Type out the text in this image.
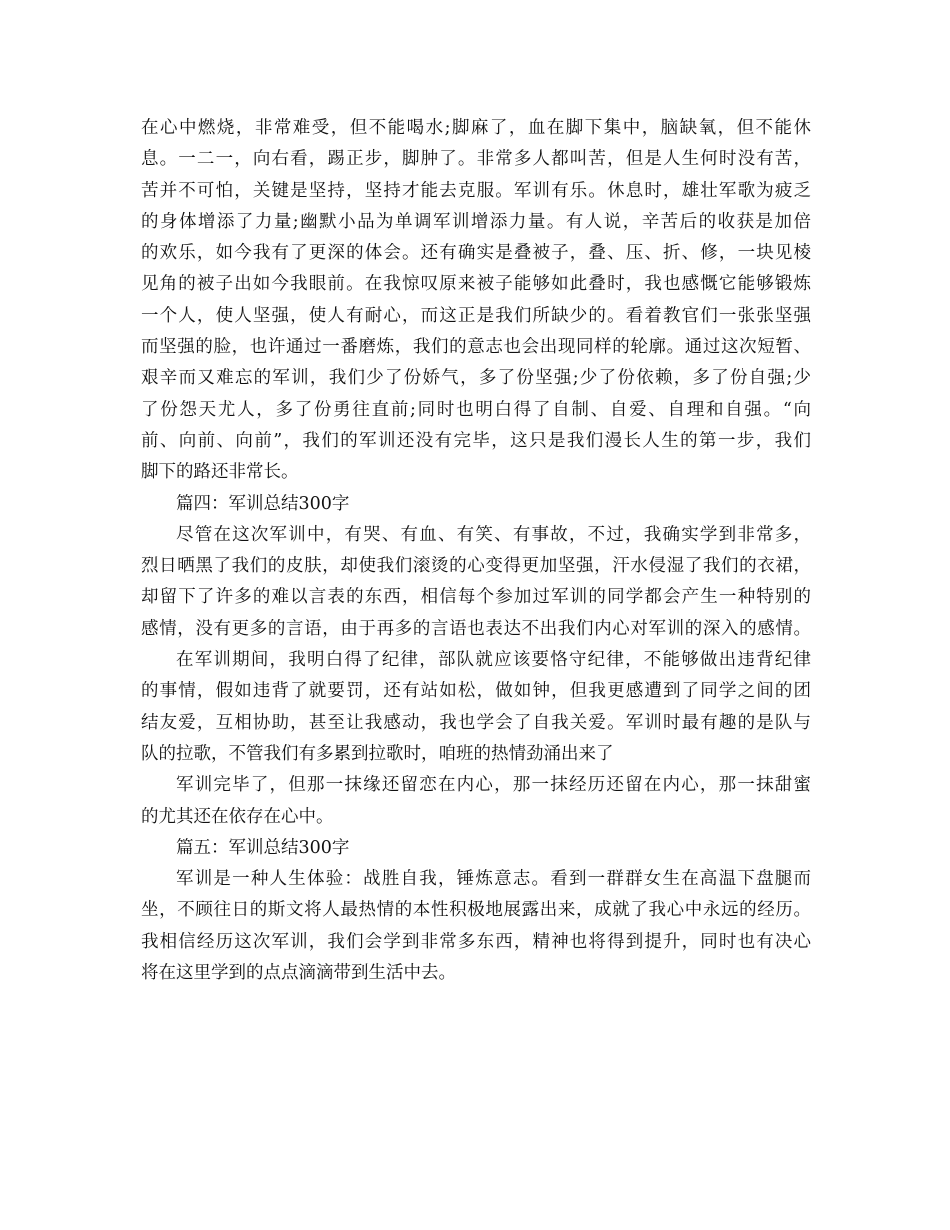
在心中燃烧，非常难受，但不能喝水;脚麻了，血在脚下集中，脑缺氧，但不能休
息。一二一，向右看，踢正步，脚肿了。非常多人都叫苦，但是人生何时没有苦，
苦并不可怕，关键是坚持，坚持才能去克服。军训有乐。休息时，雄壮军歌为疲乏
的身体增添了力量;幽默小品为单调军训增添力量。有人说，辛苦后的收获是加倍
的欢乐，如今我有了更深的体会。还有确实是叠被子，叠、压、折、修，一块见棱
见角的被子出如今我眼前。在我惊叹原来被子能够如此叠时，我也感慨它能够锻炼
一个人，使人坚强，使人有耐心，而这正是我们所缺少的。看着教官们一张张坚强
而坚强的脸，也许通过一番磨炼，我们的意志也会出现同样的轮廓。通过这次短暂、
艰辛而又难忘的军训，我们少了份娇气，多了份坚强;少了份依赖，多了份自强;少
了份怨天尤人，多了份勇往直前;同时也明白得了自制、自爱、自理和自强。“向
前、向前、向前”，我们的军训还没有完毕，这只是我们漫长人生的第一步，我们
脚下的路还非常长。
篇四：军训总结300字
尽管在这次军训中，有哭、有血、有笑、有事故，不过，我确实学到非常多，
烈日晒黑了我们的皮肤，却使我们滚烫的心变得更加坚强，汗水侵湿了我们的衣裙，
却留下了许多的难以言表的东西，相信每个参加过军训的同学都会产生一种特别的
感情，没有更多的言语，由于再多的言语也表达不出我们内心对军训的深入的感情。
在军训期间，我明白得了纪律，部队就应该要恪守纪律，不能够做出违背纪律
的事情，假如违背了就要罚，还有站如松，做如钟，但我更感遭到了同学之间的团
结友爱，互相协助，甚至让我感动，我也学会了自我关爱。军训时最有趣的是队与
队的拉歌，不管我们有多累到拉歌时，咱班的热情劲涌出来了
军训完毕了，但那一抹缘还留恋在内心，那一抹经历还留在内心，那一抹甜蜜
的尤其还在依存在心中。
篇五：军训总结300字
军训是一种人生体验：战胜自我，锤炼意志。看到一群群女生在高温下盘腿而
坐，不顾往日的斯文将人最热情的本性积极地展露出来，成就了我心中永远的经历。
我相信经历这次军训，我们会学到非常多东西，精神也将得到提升，同时也有决心
将在这里学到的点点滴滴带到生活中去。
